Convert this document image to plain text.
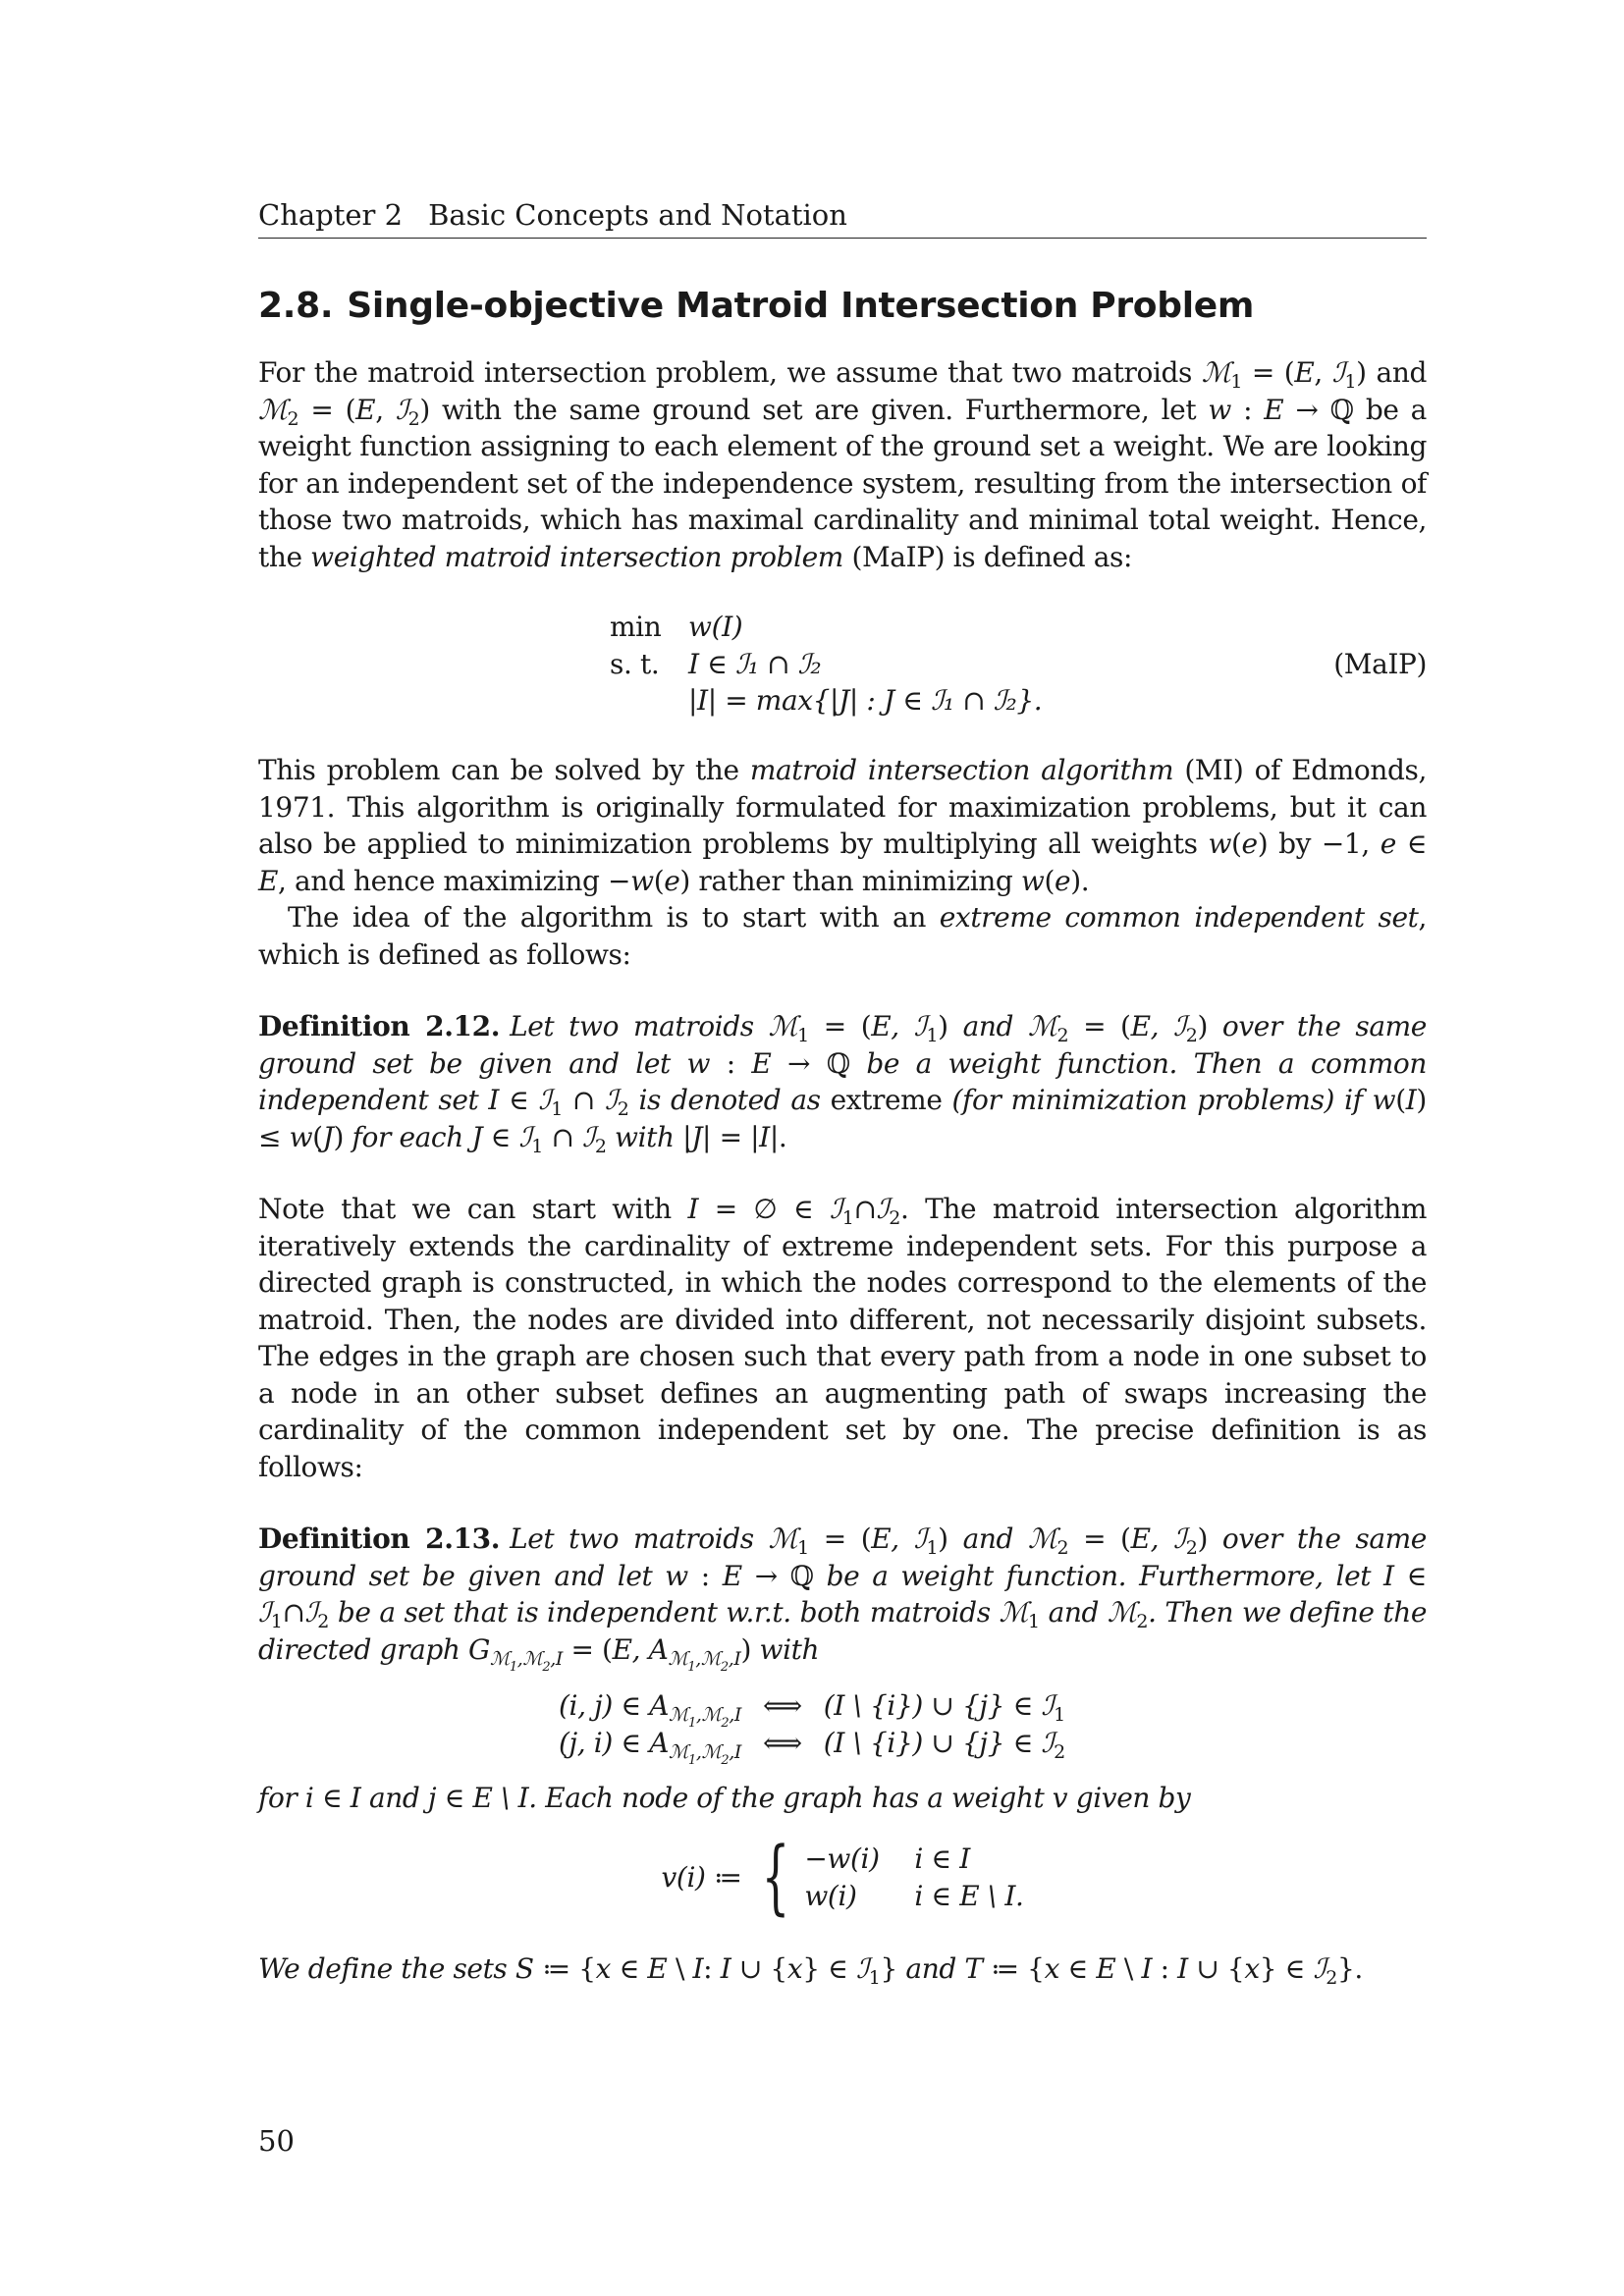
Chapter 2 Basic Concepts and Notation
2.8. Single-objective Matroid Intersection Problem

For the matroid intersection problem, we assume that two matroids ℳ$_1$ = (E, ℐ$_1$) and ℳ$_2$ = (E, ℐ$_2$) with the same ground set are given. Furthermore, let w : E → ℚ be a weight function assigning to each element of the ground set a weight. We are looking for an independent set of the independence system, resulting from the intersection of those two matroids, which has maximal cardinality and minimal total weight. Hence, the weighted matroid intersection problem (MaIP) is defined as:

min w(I)
s. t.	I ∈ ℐ₁ ∩ ℐ₂
|I| = max{|J| : J ∈ ℐ₁ ∩ ℐ₂}.
(MaIP)

This problem can be solved by the matroid intersection algorithm (MI) of Edmonds, 1971. This algorithm is originally formulated for maximization problems, but it can also be applied to minimization problems by multiplying all weights w(e) by −1, e ∈ E, and hence maximizing −w(e) rather than minimizing w(e).

The idea of the algorithm is to start with an extreme common independent set, which is defined as follows:

Definition 2.12. Let two matroids ℳ$_1$ = (E, ℐ$_1$) and ℳ$_2$ = (E, ℐ$_2$) over the same ground set be given and let w : E → ℚ be a weight function. Then a common independent set I ∈ ℐ$_1$ ∩ ℐ$_2$ is denoted as extreme (for minimization problems) if w(I) ≤ w(J) for each J ∈ ℐ$_1$ ∩ ℐ$_2$ with |J| = |I|.

Note that we can start with I = ∅ ∈ ℐ$_1$∩ℐ$_2$. The matroid intersection algorithm iteratively extends the cardinality of extreme independent sets. For this purpose a directed graph is constructed, in which the nodes correspond to the elements of the matroid. Then, the nodes are divided into different, not necessarily disjoint subsets. The edges in the graph are chosen such that every path from a node in one subset to a node in an other subset defines an augmenting path of swaps increasing the cardinality of the common independent set by one. The precise definition is as follows:

Definition 2.13. Let two matroids ℳ$_1$ = (E, ℐ$_1$) and ℳ$_2$ = (E, ℐ$_2$) over the same ground set be given and let w : E → ℚ be a weight function. Furthermore, let I ∈ ℐ$_1$∩ℐ$_2$ be a set that is independent w.r.t. both matroids ℳ$_1$ and ℳ$_2$. Then we define the directed graph $G_{ℳ_1,ℳ_2,I} = (E$, $A_{ℳ_1,ℳ_2,I}$) with

(i, j) ∈ $A_{ℳ_1,ℳ_2,I}$ ⟺ (I \ {i}) ∪ {j} ∈ ℐ$_1$
(j, i) ∈ $A_{ℳ_1,ℳ_2,I}$ ⟺ (I \ {i}) ∪ {j} ∈ ℐ$_2$

for i ∈ I and j ∈ E \ I. Each node of the graph has a weight v given by

v(i) ≔ { −w(i)	i ∈ I
w(i)	i ∈ E \ I.

We define the sets S ≔ {x ∈ E \ I: I ∪ {x} ∈ ℐ$_1$} and T ≔ {x ∈ E \ I : I ∪ {x} ∈ ℐ$_2$}.

50
